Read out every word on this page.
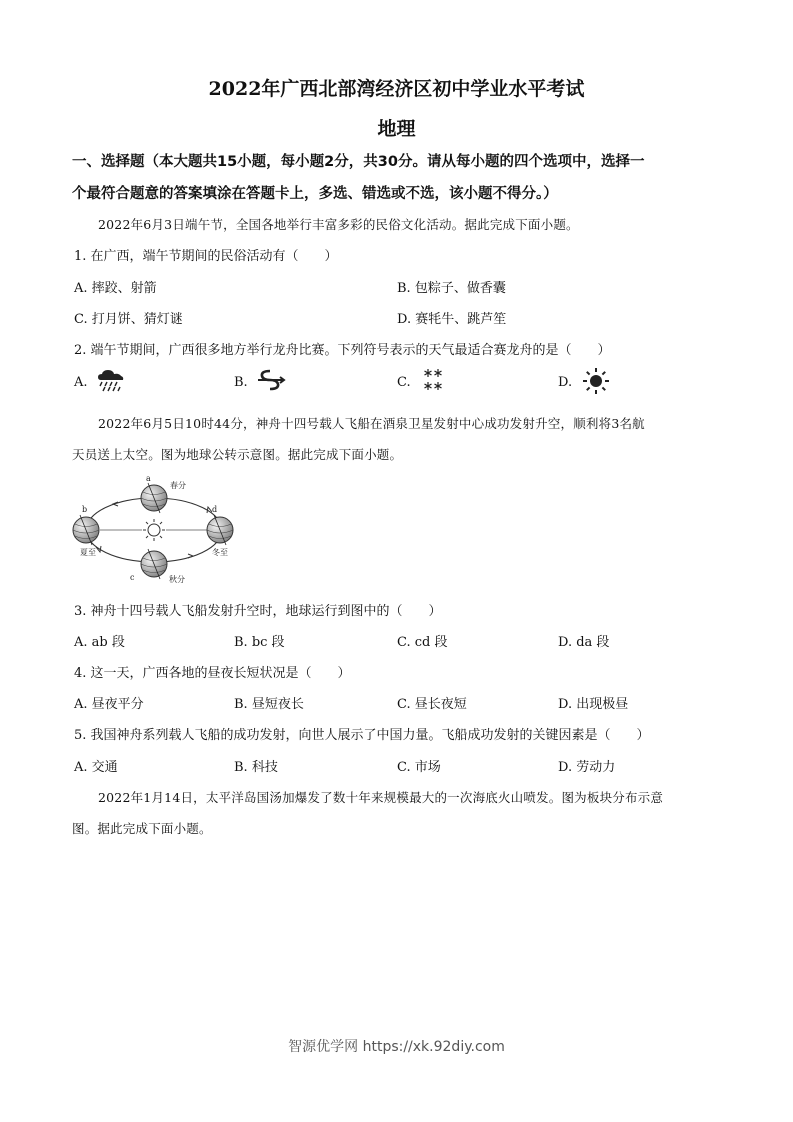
2022年广西北部湾经济区初中学业水平考试
地理
一、选择题（本大题共15小题，每小题2分，共30分。请从每小题的四个选项中，选择一
个最符合题意的答案填涂在答题卡上，多选、错选或不选，该小题不得分。）
2022年6月3日端午节，全国各地举行丰富多彩的民俗文化活动。据此完成下面小题。
1. 在广西，端午节期间的民俗活动有（　　）
A. 摔跤、射箭	B. 包粽子、做香囊
C. 打月饼、猜灯谜	D. 赛牦牛、跳芦笙
2. 端午节期间，广西很多地方举行龙舟比赛。下列符号表示的天气最适合赛龙舟的是（　　）
A.	B.	C.	D.
2022年6月5日10时44分，神舟十四号载人飞船在酒泉卫星发射中心成功发射升空，顺利将3名航
天员送上太空。图为地球公转示意图。据此完成下面小题。
a
春分
b
夏至
c	秋分
d
冬至
3. 神舟十四号载人飞船发射升空时，地球运行到图中的（　　）
A. ab 段	B. bc 段	C. cd 段	D. da 段
4. 这一天，广西各地的昼夜长短状况是（　　）
A. 昼夜平分	B. 昼短夜长	C. 昼长夜短	D. 出现极昼
5. 我国神舟系列载人飞船的成功发射，向世人展示了中国力量。飞船成功发射的关键因素是（　　）
A. 交通	B. 科技	C. 市场	D. 劳动力
2022年1月14日，太平洋岛国汤加爆发了数十年来规模最大的一次海底火山喷发。图为板块分布示意
图。据此完成下面小题。
智源优学网 https://xk.92diy.com
